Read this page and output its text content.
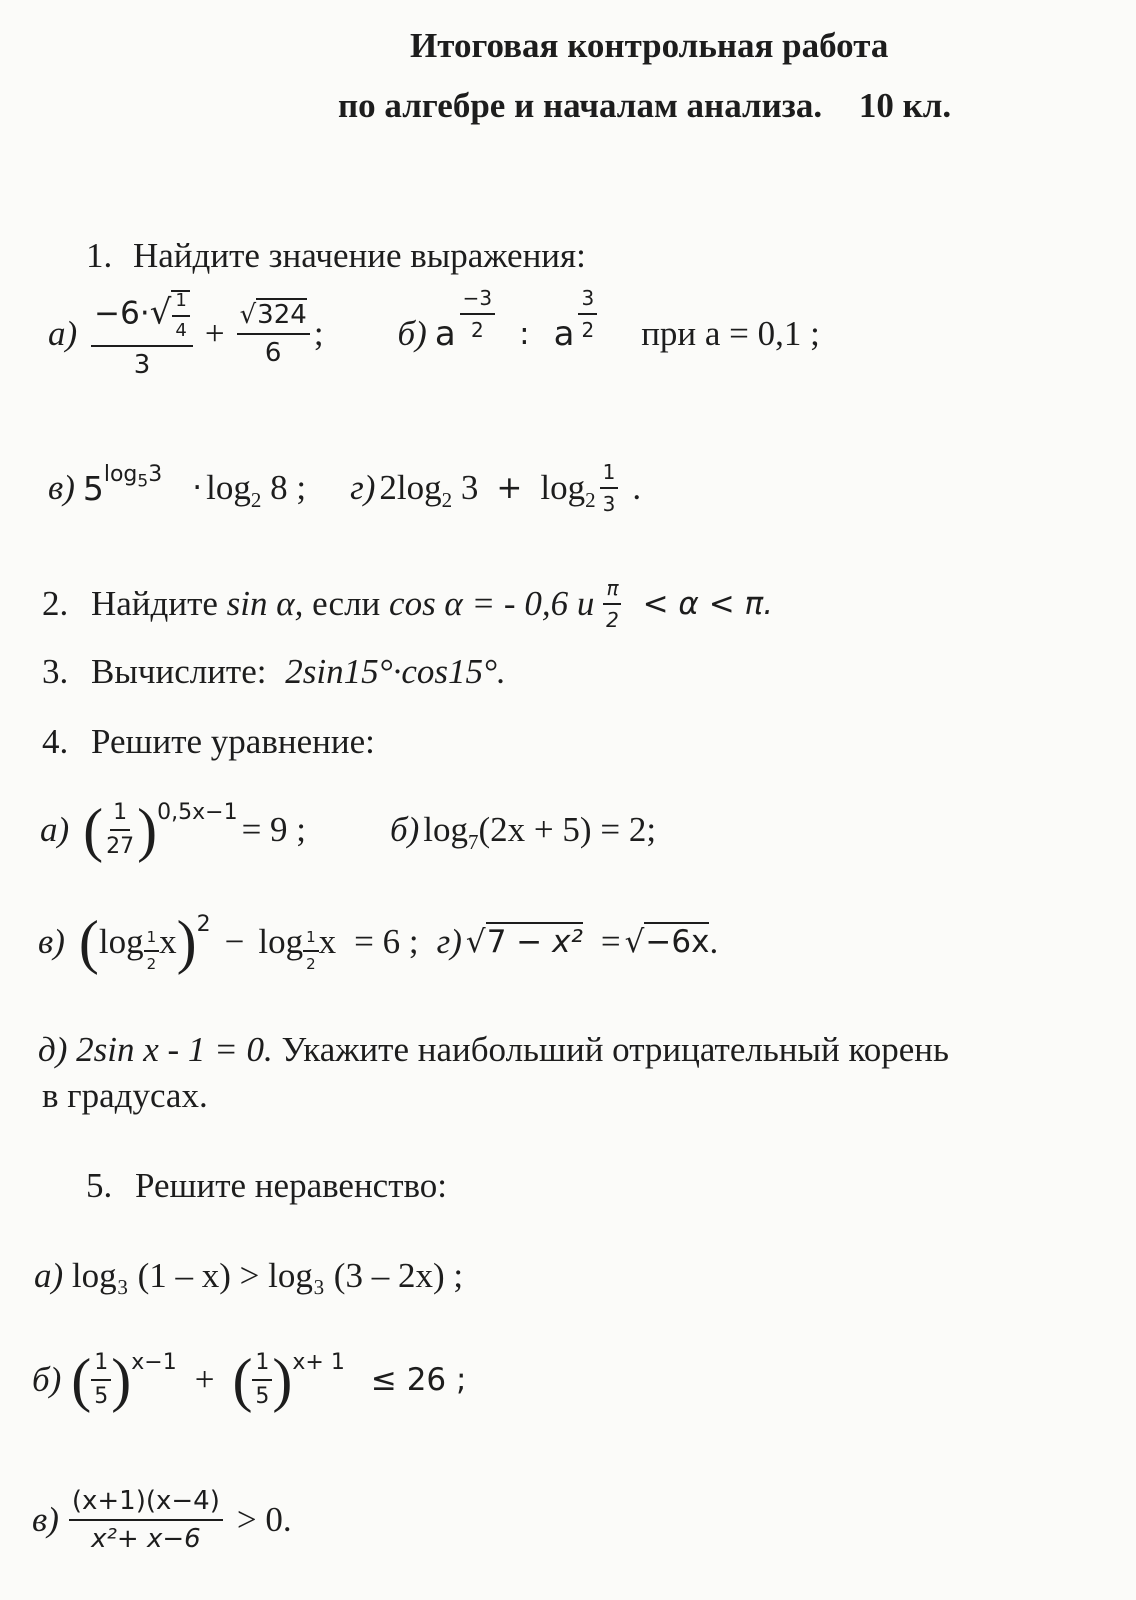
Итоговая контрольная работа
по алгебре и началам анализа. 10 кл.
1. Найдите значение выражения:
$а) \frac{-6\cdot√ \frac{1}{4}}{3} + \frac{√324}{6}$ ; б) a $\frac{-3}{2}$ : a $\frac{3}{2}$ при a = 0,1 ;
в) $5\log_53 \cdot \log_2 8$ ; г) $2\log_2$ $3 + \log_2 \frac{1}{3}$ .
2. Найдите sin α, если cos α = - 0,6 и $\frac{\pi}{2} < \alpha < \pi$.
3. Вычислите: 2sin15°·cos15°.
4. Решите уравнение:
а) ( $\frac{1}{27} )0,5x-1 = 9$ ; б) $\log_7(2x + 5) = 2$;
в) $(\log \frac{1}{2} x)2 - \log \frac{1}{2}$ x = 6 ; г) √7 − x² = √−6x.
д) 2sin x - 1 = 0. Укажите наибольший отрицательный корень
в градусах.
5. Решите неравенство:
а) log₃ (1 – x) > log₃ (3 – 2x) ;
б) ( $\frac{1}{5} )x-1$ + ( $\frac{1}{5} )x+ 1 \le 26$ ;
$в) \frac{(x+1)(x-4)}{\text{x²+ x−6}} > 0$.
